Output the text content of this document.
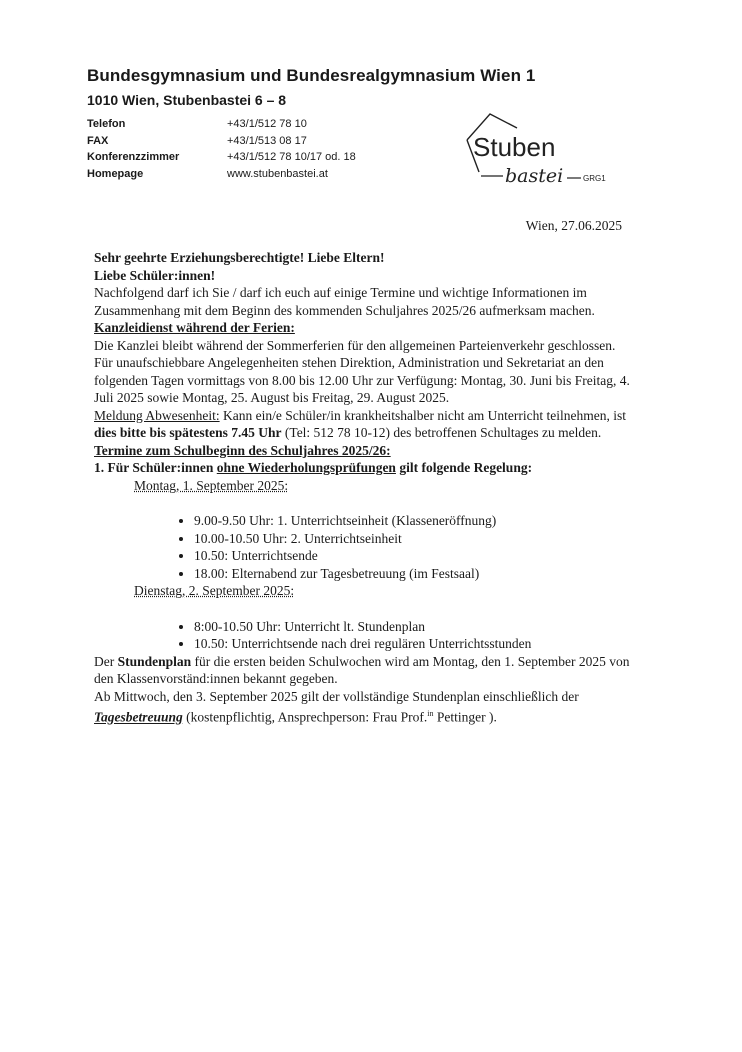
Bundesgymnasium und Bundesrealgymnasium Wien 1
1010 Wien, Stubenbastei 6 – 8
Telefon	+43/1/512 78 10
FAX	+43/1/513 08 17
Konferenzzimmer	+43/1/512 78 10/17 od. 18
Homepage	www.stubenbastei.at
Stuben
bastei GRG1
Wien, 27.06.2025

Sehr geehrte Erziehungsberechtigte! Liebe Eltern!

Liebe Schüler:innen!

Nachfolgend darf ich Sie / darf ich euch auf einige Termine und wichtige Informationen im Zusammenhang mit dem Beginn des kommenden Schuljahres 2025/26 aufmerksam machen.

Kanzleidienst während der Ferien:

Die Kanzlei bleibt während der Sommerferien für den allgemeinen Parteienverkehr geschlossen. Für unaufschiebbare Angelegenheiten stehen Direktion, Administration und Sekretariat an den folgenden Tagen vormittags von 8.00 bis 12.00 Uhr zur Verfügung: Montag, 30. Juni bis Freitag, 4. Juli 2025 sowie Montag, 25. August bis Freitag, 29. August 2025.

Meldung Abwesenheit: Kann ein/e Schüler/in krankheitshalber nicht am Unterricht teilnehmen, ist dies bitte bis spätestens 7.45 Uhr (Tel: 512 78 10-12) des betroffenen Schultages zu melden.

Termine zum Schulbeginn des Schuljahres 2025/26:

1. Für Schüler:innen ohne Wiederholungsprüfungen gilt folgende Regelung:

Montag, 1. September 2025:

• 9.00-9.50 Uhr: 1. Unterrichtseinheit (Klasseneröffnung)
• 10.00-10.50 Uhr: 2. Unterrichtseinheit
• 10.50: Unterrichtsende
• 18.00: Elternabend zur Tagesbetreuung (im Festsaal)

Dienstag, 2. September 2025:

• 8:00-10.50 Uhr: Unterricht lt. Stundenplan
• 10.50: Unterrichtsende nach drei regulären Unterrichtsstunden

Der Stundenplan für die ersten beiden Schulwochen wird am Montag, den 1. September 2025 von den Klassenvorständ:innen bekannt gegeben.

Ab Mittwoch, den 3. September 2025 gilt der vollständige Stundenplan einschließlich der Tagesbetreuung (kostenpflichtig, Ansprechperson: Frau Prof.$^{in}$ Pettinger ).
